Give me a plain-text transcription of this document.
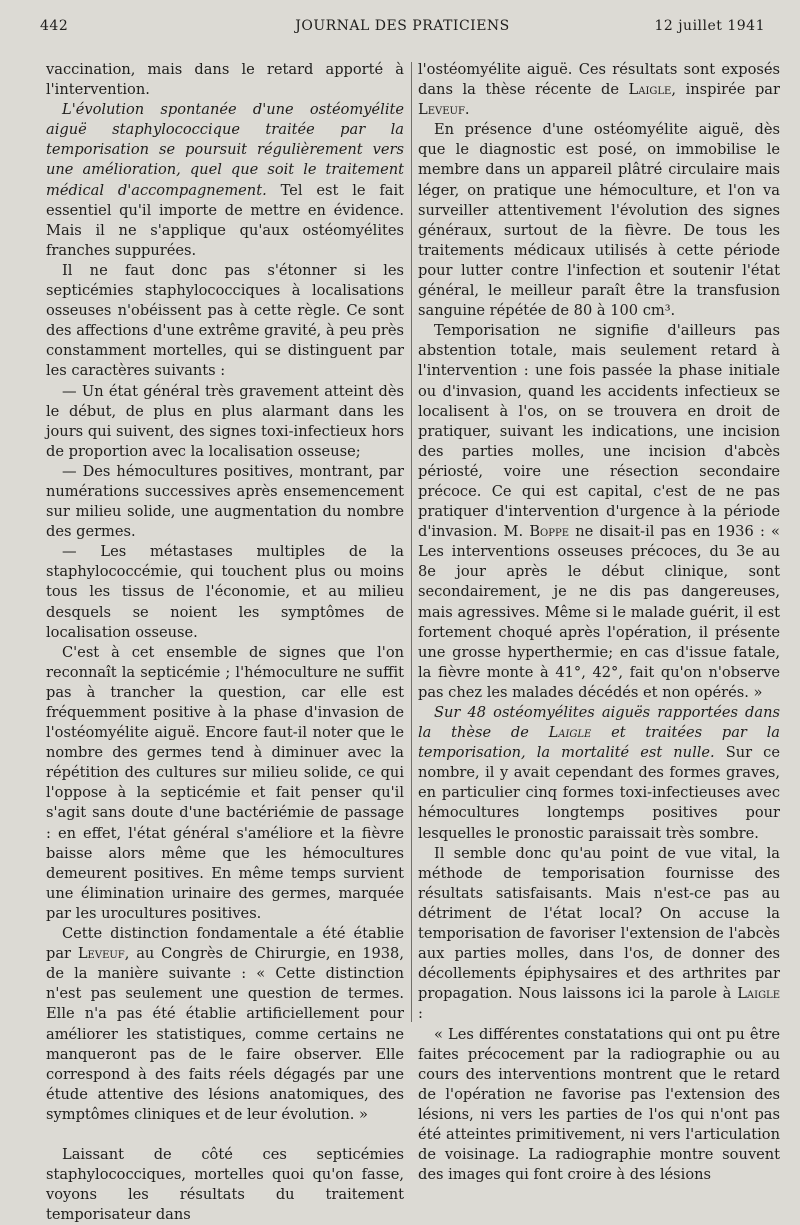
442	JOURNAL DES PRATICIENS	12 juillet 1941

vaccination, mais dans le retard apporté à l'intervention.

L'évolution spontanée d'une ostéomyélite aiguë staphylococcique traitée par la temporisation se poursuit régulièrement vers une amélioration, quel que soit le traitement médical d'accompagnement. Tel est le fait essentiel qu'il importe de mettre en évidence. Mais il ne s'applique qu'aux ostéomyélites franches suppurées.

Il ne faut donc pas s'étonner si les septicémies staphylococciques à localisations osseuses n'obéissent pas à cette règle. Ce sont des affections d'une extrême gravité, à peu près constamment mortelles, qui se distinguent par les caractères suivants :

— Un état général très gravement atteint dès le début, de plus en plus alarmant dans les jours qui suivent, des signes toxi-infectieux hors de proportion avec la localisation osseuse;

— Des hémocultures positives, montrant, par numérations successives après ensemencement sur milieu solide, une augmentation du nombre des germes.

— Les métastases multiples de la staphylococcémie, qui touchent plus ou moins tous les tissus de l'économie, et au milieu desquels se noient les symptômes de localisation osseuse.

C'est à cet ensemble de signes que l'on reconnaît la septicémie ; l'hémoculture ne suffit pas à trancher la question, car elle est fréquemment positive à la phase d'invasion de l'ostéomyélite aiguë. Encore faut-il noter que le nombre des germes tend à diminuer avec la répétition des cultures sur milieu solide, ce qui l'oppose à la septicémie et fait penser qu'il s'agit sans doute d'une bactériémie de passage : en effet, l'état général s'améliore et la fièvre baisse alors même que les hémocultures demeurent positives. En même temps survient une élimination urinaire des germes, marquée par les urocultures positives.

Cette distinction fondamentale a été établie par Leveuf, au Congrès de Chirurgie, en 1938, de la manière suivante : « Cette distinction n'est pas seulement une question de termes. Elle n'a pas été établie artificiellement pour améliorer les statistiques, comme certains ne manqueront pas de le faire observer. Elle correspond à des faits réels dégagés par une étude attentive des lésions anatomiques, des symptômes cliniques et de leur évolution. »

Laissant de côté ces septicémies staphylococciques, mortelles quoi qu'on fasse, voyons les résultats du traitement temporisateur dans

l'ostéomyélite aiguë. Ces résultats sont exposés dans la thèse récente de Laigle, inspirée par Leveuf.

En présence d'une ostéomyélite aiguë, dès que le diagnostic est posé, on immobilise le membre dans un appareil plâtré circulaire mais léger, on pratique une hémoculture, et l'on va surveiller attentivement l'évolution des signes généraux, surtout de la fièvre. De tous les traitements médicaux utilisés à cette période pour lutter contre l'infection et soutenir l'état général, le meilleur paraît être la transfusion sanguine répétée de 80 à 100 cm³.

Temporisation ne signifie d'ailleurs pas abstention totale, mais seulement retard à l'intervention : une fois passée la phase initiale ou d'invasion, quand les accidents infectieux se localisent à l'os, on se trouvera en droit de pratiquer, suivant les indications, une incision des parties molles, une incision d'abcès périosté, voire une résection secondaire précoce. Ce qui est capital, c'est de ne pas pratiquer d'intervention d'urgence à la période d'invasion. M. Boppe ne disait-il pas en 1936 : « Les interventions osseuses précoces, du 3e au 8e jour après le début clinique, sont secondairement, je ne dis pas dangereuses, mais agressives. Même si le malade guérit, il est fortement choqué après l'opération, il présente une grosse hyperthermie; en cas d'issue fatale, la fièvre monte à 41°, 42°, fait qu'on n'observe pas chez les malades décédés et non opérés. »

Sur 48 ostéomyélites aiguës rapportées dans la thèse de Laigle et traitées par la temporisation, la mortalité est nulle. Sur ce nombre, il y avait cependant des formes graves, en particulier cinq formes toxi-infectieuses avec hémocultures longtemps positives pour lesquelles le pronostic paraissait très sombre.

Il semble donc qu'au point de vue vital, la méthode de temporisation fournisse des résultats satisfaisants. Mais n'est-ce pas au détriment de l'état local? On accuse la temporisation de favoriser l'extension de l'abcès aux parties molles, dans l'os, de donner des décollements épiphysaires et des arthrites par propagation. Nous laissons ici la parole à Laigle :

« Les différentes constatations qui ont pu être faites précocement par la radiographie ou au cours des interventions montrent que le retard de l'opération ne favorise pas l'extension des lésions, ni vers les parties de l'os qui n'ont pas été atteintes primitivement, ni vers l'articulation de voisinage. La radiographie montre souvent des images qui font croire à des lésions
